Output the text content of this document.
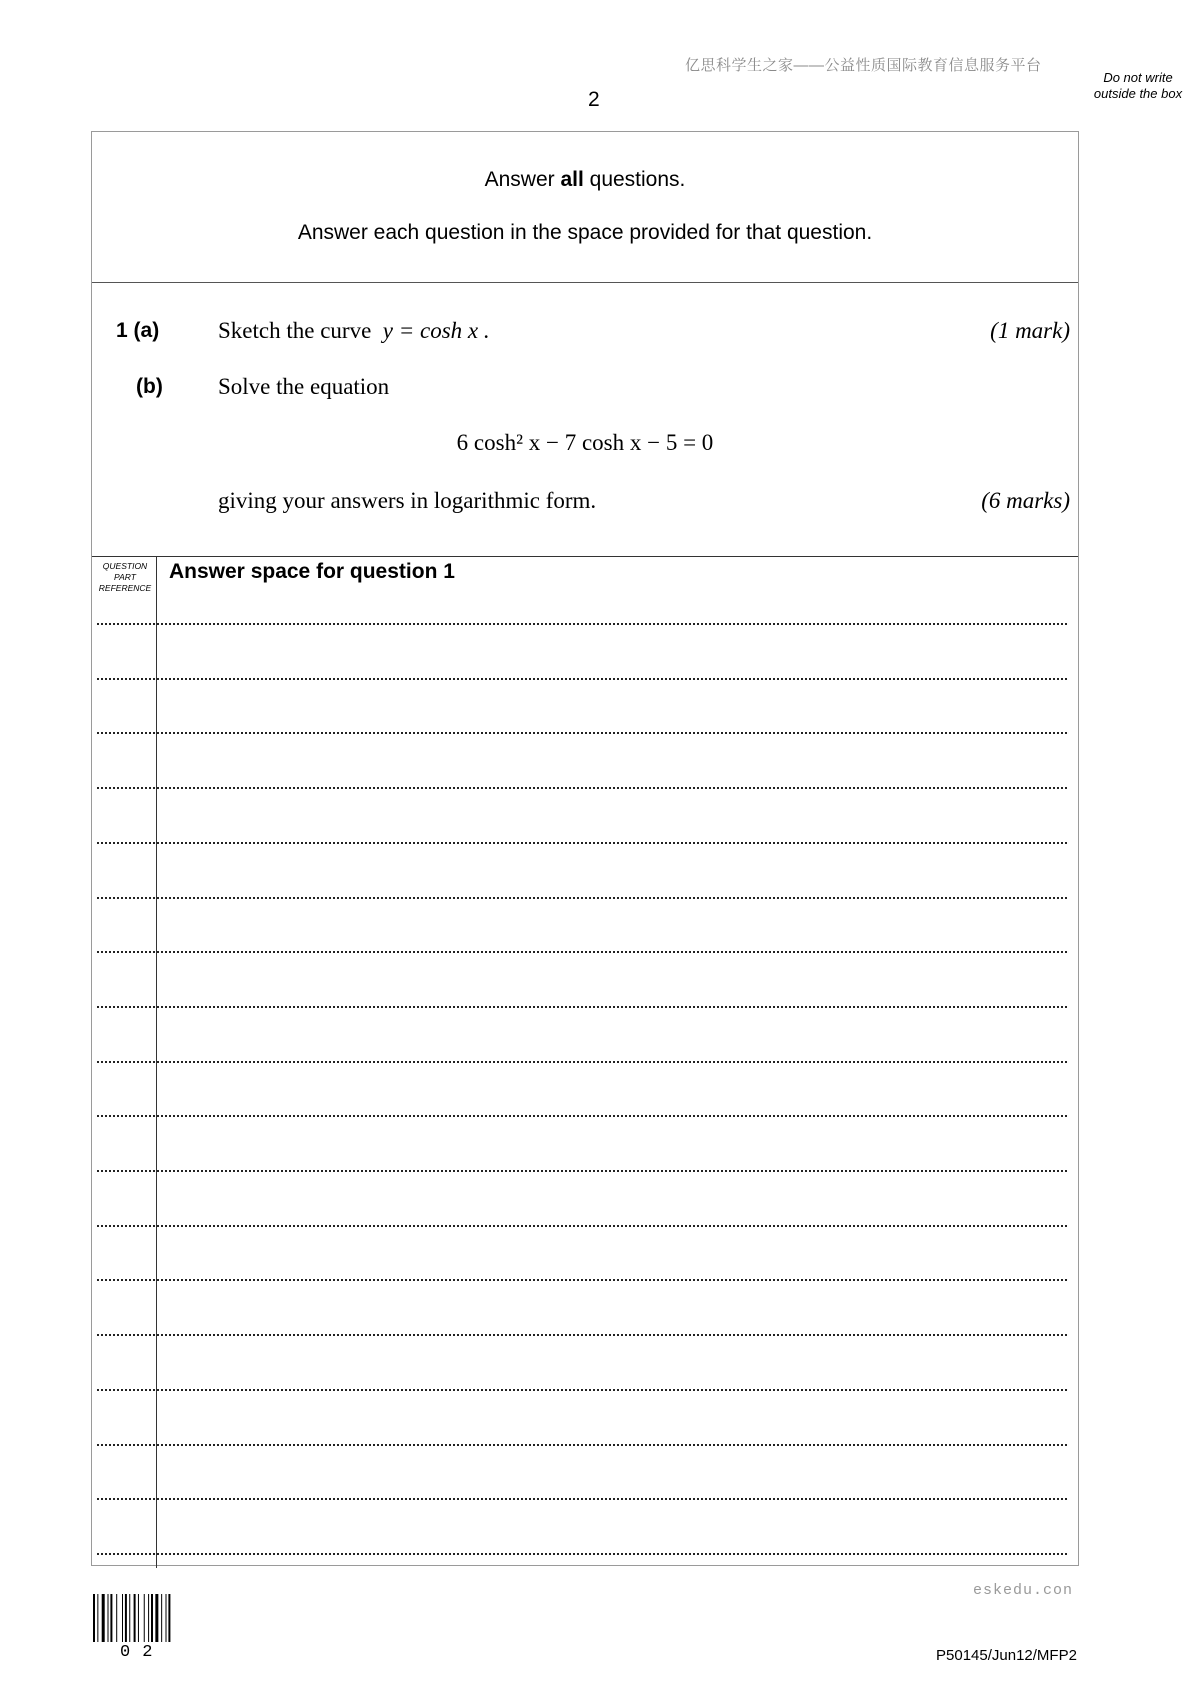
亿思科学生之家——公益性质国际教育信息服务平台
2
Do not write outside the box
Answer all questions.
Answer each question in the space provided for that question.
1 (a)	Sketch the curve y = cosh x .	(1 mark)
(b) Solve the equation
6 cosh² x − 7 cosh x − 5 = 0
giving your answers in logarithmic form.	(6 marks)
QUESTION PART REFERENCE
Answer space for question 1
eskedu.con
02	P50145/Jun12/MFP2
